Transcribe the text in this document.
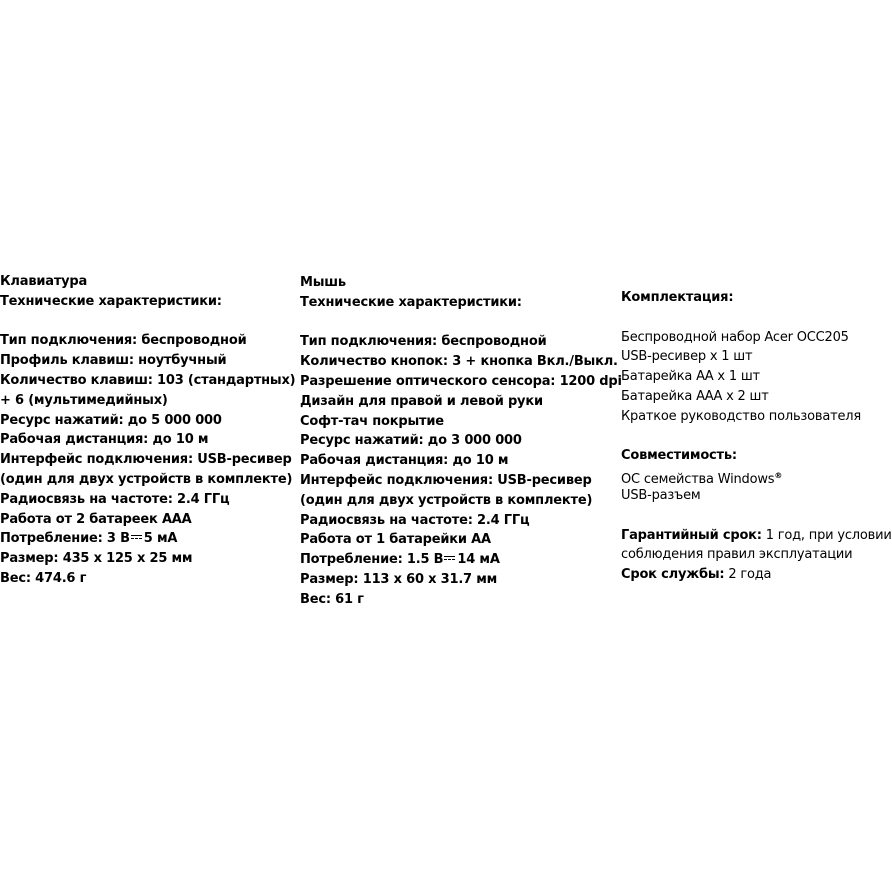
Клавиатура
Технические характеристики:
Тип подключения: беспроводной
Профиль клавиш: ноутбучный
Количество клавиш: 103 (стандартных)
+ 6 (мультимедийных)
Ресурс нажатий: до 5 000 000
Рабочая дистанция: до 10 м
Интерфейс подключения: USB-ресивер
(один для двух устройств в комплекте)
Радиосвязь на частоте: 2.4 ГГц
Работа от 2 батареек ААА
Потребление: 3 В 5 мА
Размер: 435 х 125 х 25 мм
Вес: 474.6 г
Мышь
Технические характеристики:
Тип подключения: беспроводной
Количество кнопок: 3 + кнопка Вкл./Выкл.
Разрешение оптического сенсора: 1200 dpi
Дизайн для правой и левой руки
Софт-тач покрытие
Ресурс нажатий: до 3 000 000
Рабочая дистанция: до 10 м
Интерфейс подключения: USB-ресивер
(один для двух устройств в комплекте)
Радиосвязь на частоте: 2.4 ГГц
Работа от 1 батарейки АА
Потребление: 1.5 В 14 мА
Размер: 113 х 60 х 31.7 мм
Вес: 61 г
Комплектация:
Беспроводной набор Acer OCC205
USB-ресивер х 1 шт
Батарейка АА х 1 шт
Батарейка ААА х 2 шт
Краткое руководство пользователя
Совместимость:
ОС семейства Windows®
USB-разъем
Гарантийный срок: 1 год, при условии
соблюдения правил эксплуатации
Срок службы: 2 года
